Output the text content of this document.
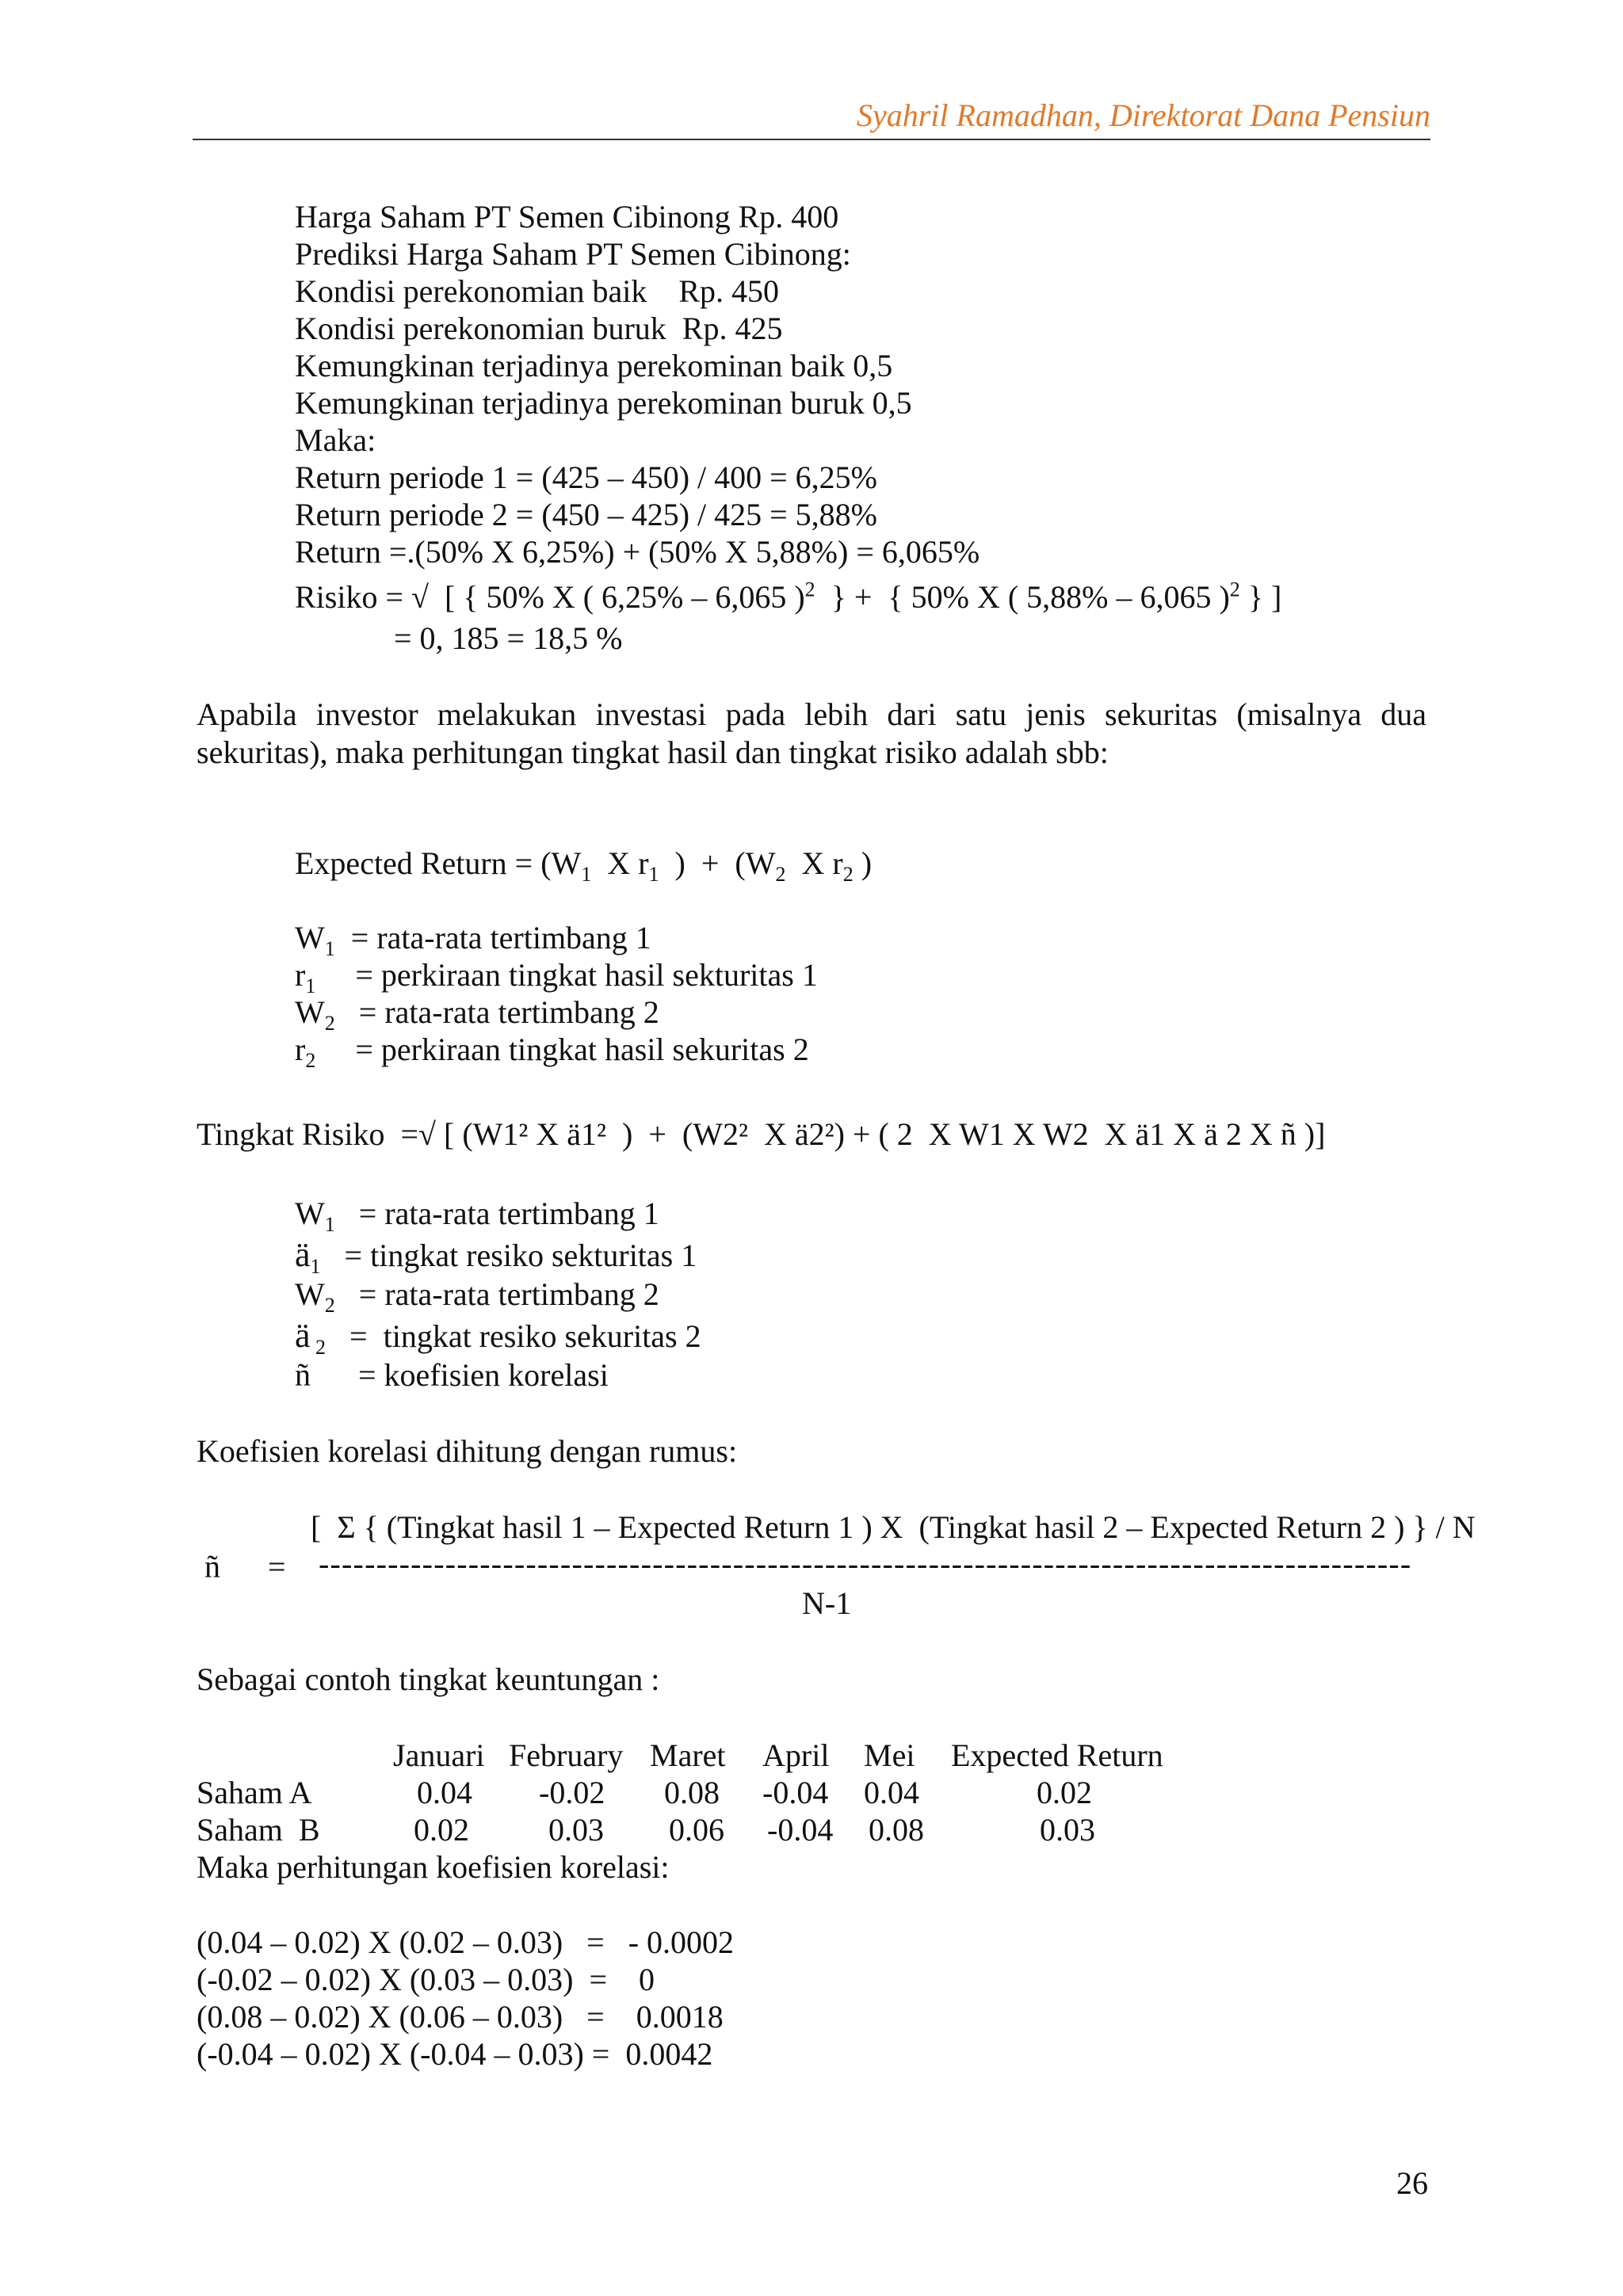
Syahril Ramadhan, Direktorat Dana Pensiun
Harga Saham PT Semen Cibinong Rp. 400
Prediksi Harga Saham PT Semen Cibinong:
Kondisi perekonomian baik    Rp. 450
Kondisi perekonomian buruk  Rp. 425
Kemungkinan terjadinya perekominan baik 0,5
Kemungkinan terjadinya perekominan buruk 0,5
Maka:
Return periode 1 = (425 – 450) / 400 = 6,25%
Return periode 2 = (450 – 425) / 425 = 5,88%
Return =.(50% X 6,25%) + (50% X 5,88%) = 6,065%
Risiko = √  [ { 50% X ( 6,25% – 6,065 )$^2$  } +  { 50% X ( 5,88% – 6,065 )$^2$ } ]
= 0, 185 = 18,5 %
Apabila investor melakukan investasi pada lebih dari satu jenis sekuritas (misalnya dua sekuritas), maka perhitungan tingkat hasil dan tingkat risiko adalah sbb:
Expected Return = ($W_1$  X $r_1$  )  +  ($W_2$  X $r_2$ )
$W_1$  = rata-rata tertimbang 1
$r_1$     = perkiraan tingkat hasil sekturitas 1
$W_2$   = rata-rata tertimbang 2
$r_2$     = perkiraan tingkat hasil sekuritas 2
Tingkat Risiko  =√ [ (W1² X ä1²  )  +  (W2²  X ä2²) + ( 2  X W1 X W2  X ä1 X ä 2 X ñ )]
$W_1$   = rata-rata tertimbang 1
$ä_1$   = tingkat resiko sekturitas 1
$W_2$   = rata-rata tertimbang 2
ä $_2$   =  tingkat resiko sekuritas 2
ñ      = koefisien korelasi
Koefisien korelasi dihitung dengan rumus:
[  Σ { (Tingkat hasil 1 – Expected Return 1 ) X  (Tingkat hasil 2 – Expected Return 2 ) } / N
ñ      = -----------------------------------------------------------------------------------------------
N-1
Sebagai contoh tingkat keuntungan :
	Januari	February	Maret	April	Mei	Expected Return
Saham A	0.04	-0.02	0.08	-0.04	0.04	0.02
Saham  B	0.02	0.03	0.06	-0.04	0.08	0.03
Maka perhitungan koefisien korelasi:
(0.04 – 0.02) X (0.02 – 0.03)   = - 0.0002
(-0.02 – 0.02) X (0.03 – 0.03)  = 0
(0.08 – 0.02) X (0.06 – 0.03)   = 0.0018
(-0.04 – 0.02) X (-0.04 – 0.03) = 0.0042
26
